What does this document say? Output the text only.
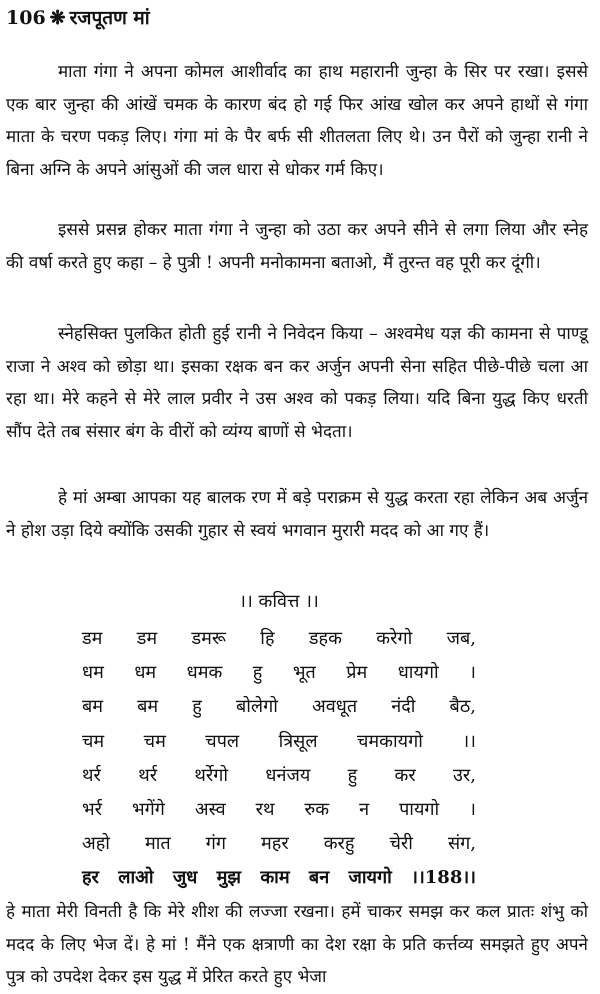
106 ❋ रजपूतण मां

माता गंगा ने अपना कोमल आशीर्वाद का हाथ महारानी जुन्हा के सिर पर रखा। इससे एक बार जुन्हा की आंखें चमक के कारण बंद हो गई फिर आंख खोल कर अपने हाथों से गंगा माता के चरण पकड़ लिए। गंगा मां के पैर बर्फ सी शीतलता लिए थे। उन पैरों को जुन्हा रानी ने बिना अग्नि के अपने आंसुओं की जल धारा से धोकर गर्म किए।

इससे प्रसन्न होकर माता गंगा ने जुन्हा को उठा कर अपने सीने से लगा लिया और स्नेह की वर्षा करते हुए कहा – हे पुत्री ! अपनी मनोकामना बताओ, मैं तुरन्त वह पूरी कर दूंगी।

स्नेहसिक्त पुलकित होती हुई रानी ने निवेदन किया – अश्वमेध यज्ञ की कामना से पाण्डू राजा ने अश्व को छोड़ा था। इसका रक्षक बन कर अर्जुन अपनी सेना सहित पीछे-पीछे चला आ रहा था। मेरे कहने से मेरे लाल प्रवीर ने उस अश्व को पकड़ लिया। यदि बिना युद्ध किए धरती सौंप देते तब संसार बंग के वीरों को व्यंग्य बाणों से भेदता।

हे मां अम्बा आपका यह बालक रण में बड़े पराक्रम से युद्ध करता रहा लेकिन अब अर्जुन ने होश उड़ा दिये क्योंकि उसकी गुहार से स्वयं भगवान मुरारी मदद को आ गए हैं।

।। कवित्त ।।
डम डम डमरू हि डहक करेगो जब,
धम धम धमक हु भूत प्रेम धायगो ।
बम बम हु बोलेगो अवधूत नंदी बैठ,
चम चम चपल त्रिसूल चमकायगो ।।
थर्र थर्र थर्रेगो धनंजय हु कर उर,
भर्र भगेंगे अस्व रथ रुक न पायगो ।
अहो मात गंग महर करहु चेरी संग,
हर लाओ जुध मुझ काम बन जायगो ।।188।।

हे माता मेरी विनती है कि मेरे शीश की लज्जा रखना। हमें चाकर समझ कर कल प्रातः शंभु को मदद के लिए भेज दें। हे मां ! मैंने एक क्षत्राणी का देश रक्षा के प्रति कर्त्तव्य समझते हुए अपने पुत्र को उपदेश देकर इस युद्ध में प्रेरित करते हुए भेजा
